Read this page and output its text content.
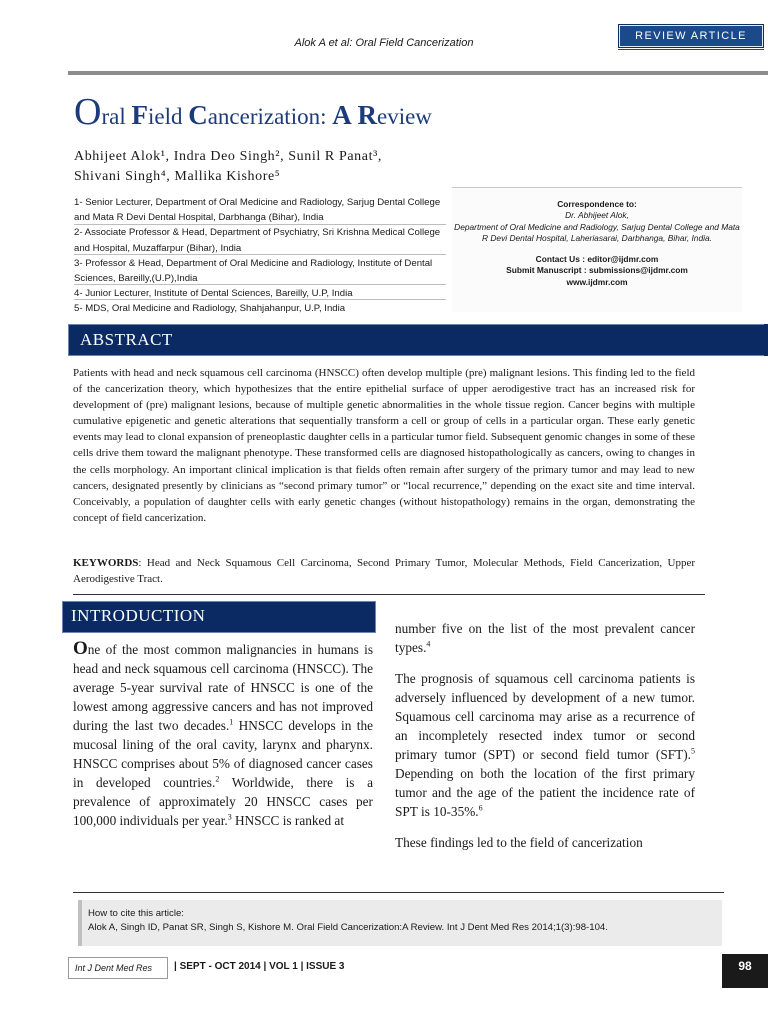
Alok A et al: Oral Field Cancerization
REVIEW ARTICLE
Oral Field Cancerization: A Review
Abhijeet Alok¹, Indra Deo Singh², Sunil R Panat³,
Shivani Singh⁴, Mallika Kishore⁵
1- Senior Lecturer, Department of Oral Medicine and Radiology, Sarjug Dental College and Mata R Devi Dental Hospital, Darbhanga (Bihar), India
2- Associate Professor & Head, Department of Psychiatry, Sri Krishna Medical College and Hospital, Muzaffarpur (Bihar), India
3- Professor & Head, Department of Oral Medicine and Radiology, Institute of Dental Sciences, Bareilly,(U.P),India
4- Junior Lecturer, Institute of Dental Sciences, Bareilly, U.P, India
5- MDS, Oral Medicine and Radiology, Shahjahanpur, U.P, India
Correspondence to:
Dr. Abhijeet Alok,
Department of Oral Medicine and Radiology, Sarjug Dental College and Mata R Devi Dental Hospital, Laheriasarai, Darbhanga, Bihar, India.
Contact Us : editor@ijdmr.com
Submit Manuscript : submissions@ijdmr.com
www.ijdmr.com
ABSTRACT
Patients with head and neck squamous cell carcinoma (HNSCC) often develop multiple (pre) malignant lesions. This finding led to the field of the cancerization theory, which hypothesizes that the entire epithelial surface of upper aerodigestive tract has an increased risk for development of (pre) malignant lesions, because of multiple genetic abnormalities in the whole tissue region. Cancer begins with multiple cumulative epigenetic and genetic alterations that sequentially transform a cell or group of cells in a particular organ. These early genetic events may lead to clonal expansion of preneoplastic daughter cells in a particular tumor field. Subsequent genomic changes in some of these cells drive them toward the malignant phenotype. These transformed cells are diagnosed histopathologically as cancers, owing to changes in the cells morphology. An important clinical implication is that fields often remain after surgery of the primary tumor and may lead to new cancers, designated presently by clinicians as “second primary tumor” or “local recurrence,” depending on the exact site and time interval. Conceivably, a population of daughter cells with early genetic changes (without histopathology) remains in the organ, demonstrating the concept of field cancerization.
KEYWORDS: Head and Neck Squamous Cell Carcinoma, Second Primary Tumor, Molecular Methods, Field Cancerization, Upper Aerodigestive Tract.
INTRODUCTION
One of the most common malignancies in humans is head and neck squamous cell carcinoma (HNSCC). The average 5-year survival rate of HNSCC is one of the lowest among aggressive cancers and has not improved during the last two decades.$^1$ HNSCC develops in the mucosal lining of the oral cavity, larynx and pharynx. HNSCC comprises about 5% of diagnosed cancer cases in developed countries.$^2$ Worldwide, there is a prevalence of approximately 20 HNSCC cases per 100,000 individuals per year.$^3$ HNSCC is ranked at

number five on the list of the most prevalent cancer types.$^4$

The prognosis of squamous cell carcinoma patients is adversely influenced by development of a new tumor. Squamous cell carcinoma may arise as a recurrence of an incompletely resected index tumor or second primary tumor (SPT) or second field tumor (SFT).$^5$ Depending on both the location of the first primary tumor and the age of the patient the incidence rate of SPT is 10-35%.$^6$

These findings led to the field of cancerization

How to cite this article:
Alok A, Singh ID, Panat SR, Singh S, Kishore M. Oral Field Cancerization:A Review. Int J Dent Med Res 2014;1(3):98-104.
Int J Dent Med Res	| SEPT - OCT 2014 | VOL 1 | ISSUE 3	98
